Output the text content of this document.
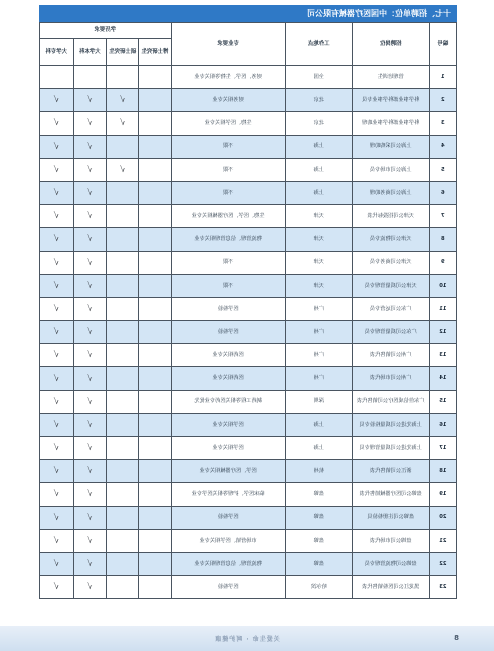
十七、招聘单位：中国医疗器械有限公司
编号	招聘岗位	工作地点	专业要求	学历要求			
				博士研究生	硕士研究生	大学本科	大学专科
1	管理培训生	全国	财务、医学、生物等相关专业				
2	科学事业部科学事业专员	北京	财务相关专业		√	√	√
3	科学事业部科学事业助理	北京	生物、医学相关专业		√	√	√
4	上海公司采购助理	上海	不限			√	√
5	上海公司市场专员	上海	不限		√	√	√
6	上海公司商务助理	上海	不限			√	√
7	天津公司招投标代表	天津	生物、医学、医疗器械相关专业			√	√
8	天津公司物流专员	天津	物流管理、信息管理相关专业			√	√
9	天津公司商务专员	天津	不限			√	√
10	天津公司质量管理专员	天津	不限			√	√
11	广东公司运营专员	广州	医学检验			√	√
12	广东公司质量管理专员	广州	医学检验			√	√
13	广州公司销售代表	广州	医药相关专业			√	√
14	广州公司市场代表	广州	医药相关专业			√	√
15	广东佳信成医疗公司销售代表	深圳	制药工程等相关医药专业优先			√	√
16	上海先进公司质量检验专员	上海	医学相关专业			√	√
17	上海先进公司质量管理专员	上海	医学相关专业			√	√
18	浙江公司销售代表	杭州	医学、医疗器械相关专业			√	√
19	盘锦公司医疗器械销售代表	盘锦	临床医学、护理等相关医学专业			√	√
20	盘锦公司注册检验员	盘锦	医学检验			√	√
21	盘锦公司市场代表	盘锦	市场营销、医学相关专业			√	√
22	盘锦公司物流管理专员	盘锦	物流管理、信息管理相关专业			√	√
23	黑龙江公司医检销售代表	哈尔滨	医学检验			√	√
关爱生命 · 呵护健康	8
